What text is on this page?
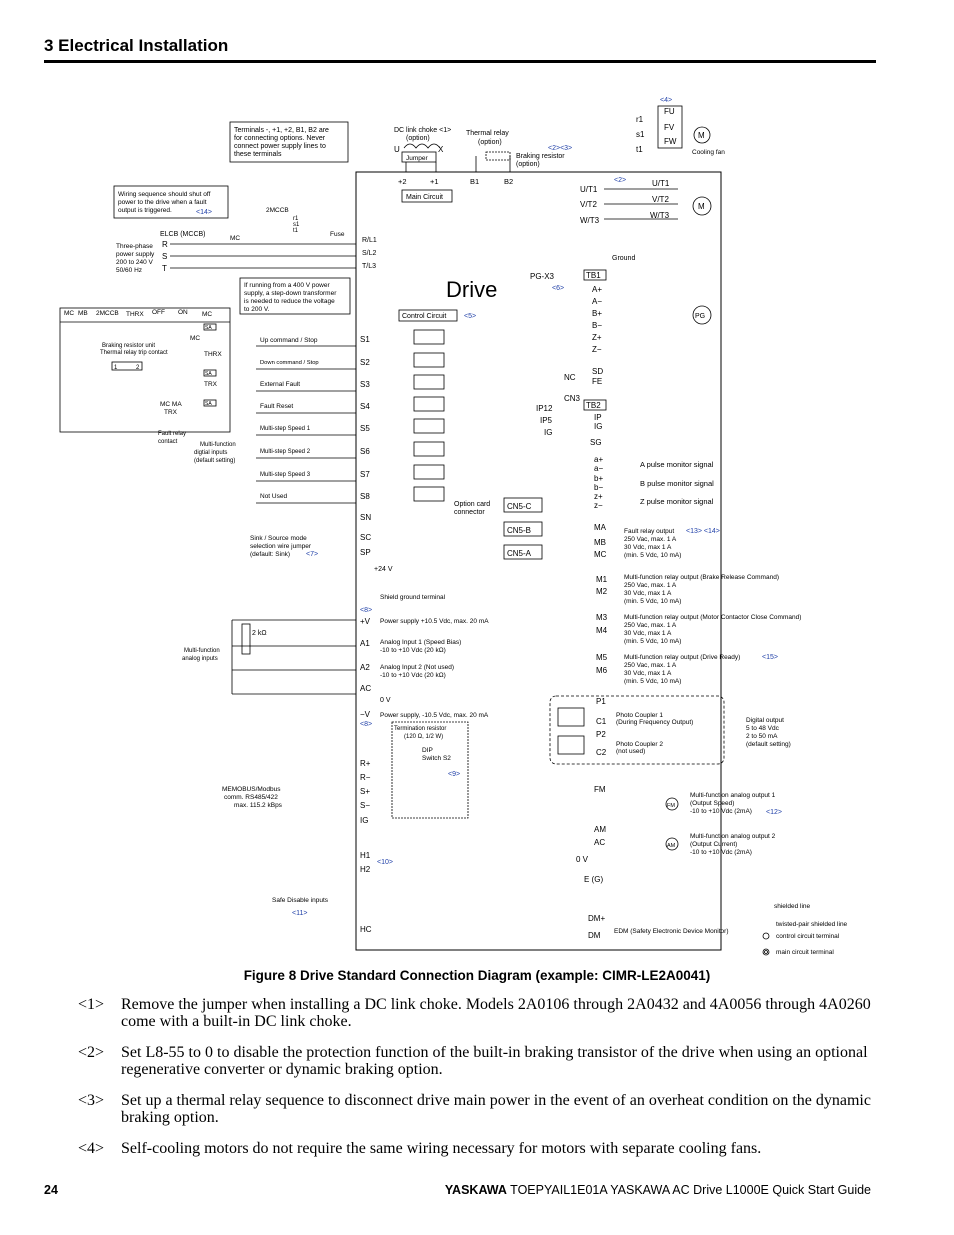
3 Electrical Installation
Drive
Terminals -, +1, +2, B1, B2 are for connecting options. Never connect power supply lines to these terminals
Wiring sequence should shut off power to the drive when a fault output is triggered.	<14>
If running from a 400 V power supply, a step-down transformer is needed to reduce the voltage to 200 V.
DC link choke <1>
(option)
U	X
Jumper
Thermal relay
(option)
<2><3>
Braking resistor
(option)
+2	+1	B1	B2
Main Circuit
2MCCB
r1 s1 t1
ELCB (MCCB)
MC
Fuse
Three-phase power supply 200 to 240 V 50/60 Hz
R S T
R/L1 S/L2 T/L3
MC MB 2MCCB THRX OFF ON MC
SA
Braking resistor unit
Thermal relay trip contact
MC
THRX
1	2
SA
TRX
SA
MC MA
TRX
Fault relay contact
Control Circuit	<5>
Up command / Stop
Down command / Stop
External Fault
Fault Reset
Multi-step Speed 1
Multi-step Speed 2
Multi-step Speed 3
Not Used
S1
S2
S3
S4
S5
S6
S7
S8
SN
SC
SP
Multi-function digtial inputs (default setting)
Sink / Source mode selection wire jumper (default: Sink)	<7>
+24 V
Shield ground terminal
<8>
+V Power supply +10.5 Vdc, max. 20 mA
A1 Analog Input 1 (Speed Bias)
-10 to +10 Vdc (20 kΩ)
A2 Analog Input 2 (Not used)
-10 to +10 Vdc (20 kΩ)
AC
0 V
−V Power supply, -10.5 Vdc, max. 20 mA
<8>
2 kΩ
Multi-function analog inputs
Termination resistor
(120 Ω, 1/2 W)
DIP Switch S2
<9>
R+
R−
S+
S−
IG
MEMOBUS/Modbus comm. RS485/422 max. 115.2 kBps
H1 H2 HC
<10>
Safe Disable inputs
<11>
<4>
FU
FV
FW
r1
s1
t1
M
Cooling fan
<2>
U/T1
V/T2
W/T3
U/T1
V/T2
W/T3
M
Ground
PG
PG-X3
<6>
TB1
A+
A−
B+
B−
Z+
Z−
NC
SD
FE
CN3
IP12
IP5
IG
IP
IG
SG
TB2
a+
a−
b+
b−
z+
z−
A pulse monitor signal
B pulse monitor signal
Z pulse monitor signal
Option card connector
CN5-C
CN5-B
CN5-A
MA
MB
MC
M1
M2
M3
M4
M5
M6
Fault relay output <13> <14>
250 Vac, max. 1 A 30 Vdc, max 1 A (min. 5 Vdc, 10 mA)
Multi-function relay output (Brake Release Command)
250 Vac, max. 1 A 30 Vdc, max 1 A (min. 5 Vdc, 10 mA)
Multi-function relay output (Motor Contactor Close Command)
250 Vac, max. 1 A 30 Vdc, max 1 A (min. 5 Vdc, 10 mA)
Multi-function relay output (Drive Ready)	<15>
250 Vac, max. 1 A 30 Vdc, max 1 A (min. 5 Vdc, 10 mA)
P1
C1
P2
C2
Photo Coupler 1 (During Frequency Output)
Photo Coupler 2 (not used)
Digital output 5 to 48 Vdc 2 to 50 mA (default setting)
FM
AM
AC
0 V
E (G)
DM+
DM
Multi-function analog output 1 (Output Speed) -10 to +10 Vdc (2mA)	<12>
Multi-function analog output 2 (Output Current) -10 to +10 Vdc (2mA)
FM
AM
EDM (Safety Electronic Device Monitor)
shielded line
twisted-pair shielded line
control circuit terminal
main circuit terminal
Figure 8 Drive Standard Connection Diagram (example: CIMR-LE2A0041)
<1>	Remove the jumper when installing a DC link choke. Models 2A0106 through 2A0432 and 4A0056 through 4A0260 come with a built-in DC link choke.
<2>	Set L8-55 to 0 to disable the protection function of the built-in braking transistor of the drive when using an optional regenerative converter or dynamic braking option.
<3>	Set up a thermal relay sequence to disconnect drive main power in the event of an overheat condition on the dynamic braking option.
<4>	Self-cooling motors do not require the same wiring necessary for motors with separate cooling fans.
24	YASKAWA TOEPYAIL1E01A YASKAWA AC Drive L1000E Quick Start Guide
